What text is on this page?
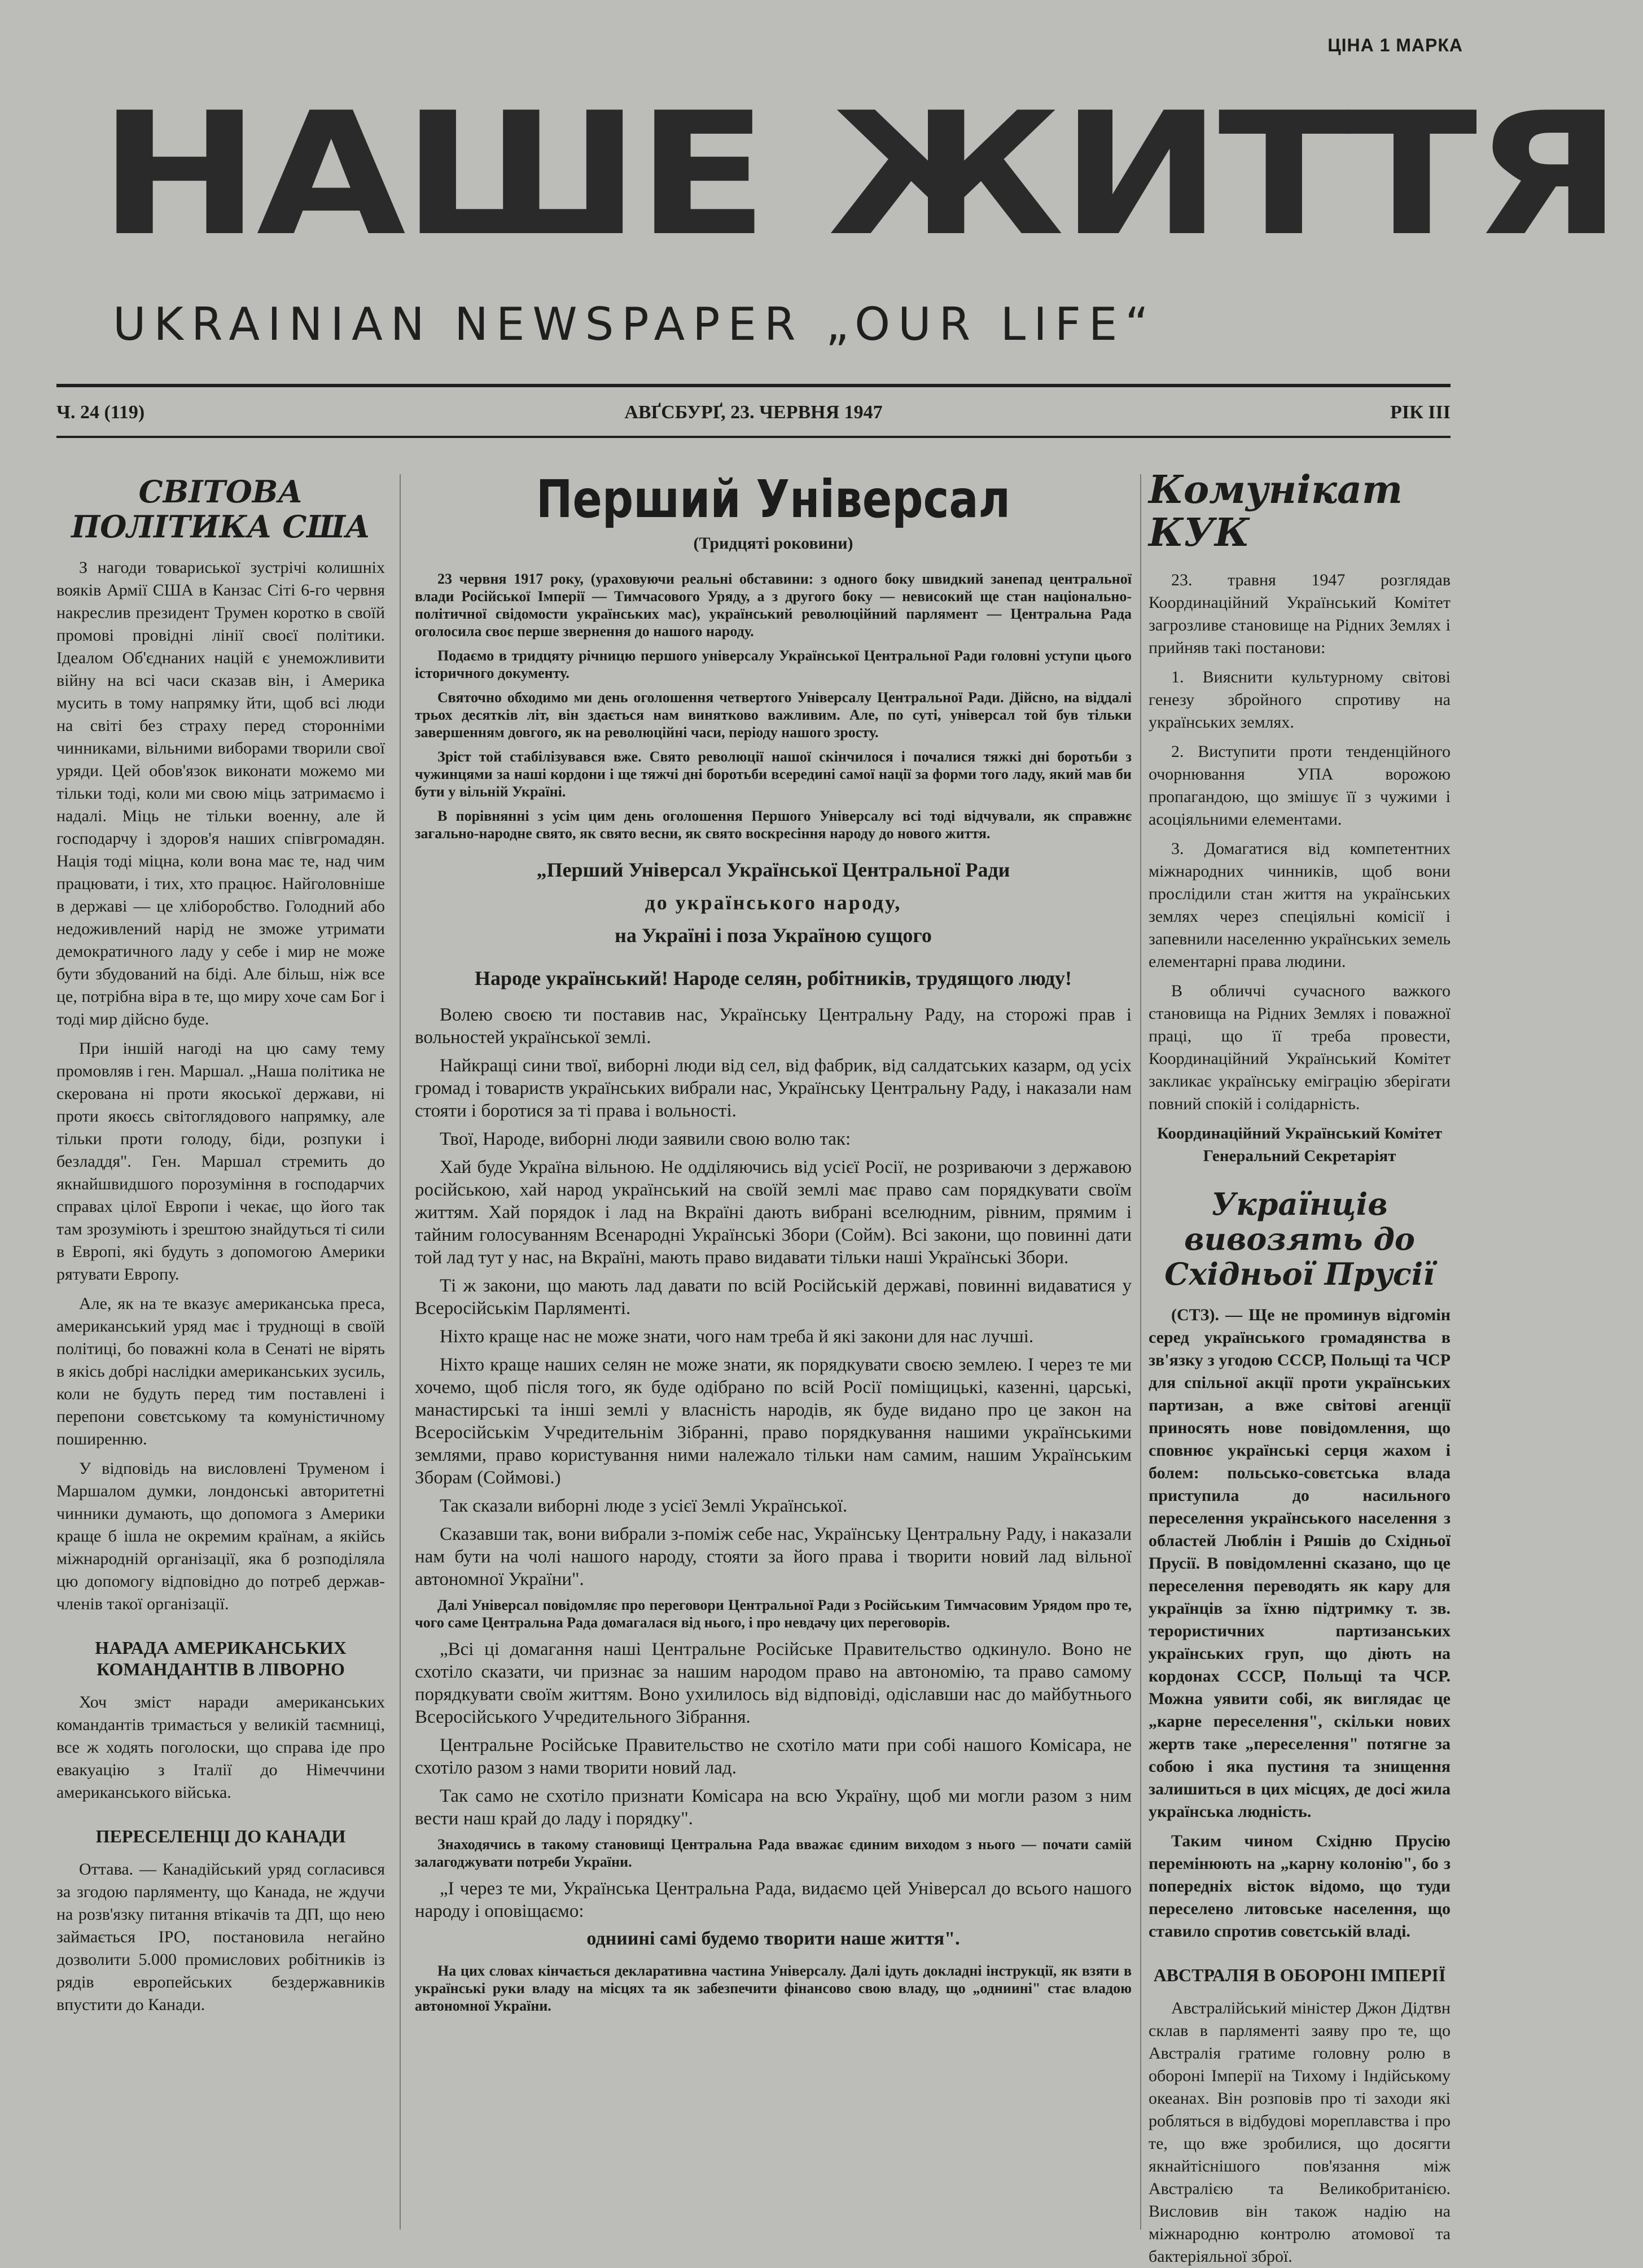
ЦІНА 1 МАРКА
НАШЕ ЖИТТЯ
UKRAINIAN NEWSPAPER „OUR LIFE“
Ч. 24 (119)	АВҐСБУРҐ, 23. ЧЕРВНЯ 1947	РІК III
СВІТОВА ПОЛІТИКА США

З нагоди товариської зустрічі колишніх вояків Армії США в Канзас Сіті 6-го червня накреслив президент Трумен коротко в своїй промові провідні лінії своєї політики. Ідеалом Об'єднаних націй є унеможливити війну на всі часи сказав він, і Америка мусить в тому напрямку йти, щоб всі люди на світі без страху перед сторонніми чинниками, вільними виборами творили свої уряди. Цей обов'язок виконати можемо ми тільки тоді, коли ми свою міць затримаємо і надалі. Міць не тільки военну, але й господарчу і здоров'я наших співгромадян. Нація тоді міцна, коли вона має те, над чим працювати, і тих, хто працює. Найголовніше в державі — це хліборобство. Голодний або недоживлений нарід не зможе утримати демократичного ладу у себе і мир не може бути збудований на біді. Але більш, ніж все це, потрібна віра в те, що миру хоче сам Бог і тоді мир дійсно буде.

При іншій нагоді на цю саму тему промовляв і ген. Маршал. „Наша політика не скерована ні проти якоської держави, ні проти якоєсь світоглядового напрямку, але тільки проти голоду, біди, розпуки і безладдя". Ген. Маршал стремить до якнайшвидшого порозуміння в господарчих справах цілої Европи і чекає, що його так там зрозуміють і зрештою знайдуться ті сили в Европі, які будуть з допомогою Америки рятувати Европу.

Але, як на те вказує американська преса, американський уряд має і труднощі в своїй політиці, бо поважні кола в Сенаті не вірять в якісь добрі наслідки американських зусиль, коли не будуть перед тим поставлені і перепони совєтському та комуністичному поширенню.

У відповідь на висловлені Труменом і Маршалом думки, лондонські авторитетні чинники думають, що допомога з Америки краще б ішла не окремим країнам, а якійсь міжнародній організації, яка б розподіляла цю допомогу відповідно до потреб держав-членів такої організації.

НАРАДА АМЕРИКАНСЬКИХ КОМАНДАНТІВ В ЛІВОРНО

Хоч зміст наради американських командантів тримається у великій таємниці, все ж ходять поголоски, що справа іде про евакуацію з Італії до Німеччини американського війська.

ПЕРЕСЕЛЕНЦІ ДО КАНАДИ

Оттава. — Канадійський уряд согласився за згодою парляменту, що Канада, не ждучи на розв'язку питання втікачів та ДП, що нею займається ІРО, постановила негайно дозволити 5.000 промислових робітників із рядів европейських бездержавників впустити до Канади.

Перший Універсал
(Тридцяті роковини)

23 червня 1917 року, (ураховуючи реальні обставини: з одного боку швидкий занепад центральної влади Російської Імперії — Тимчасового Уряду, а з другого боку — невисокий ще стан національно-політичної свідомости українських мас), український революційний парлямент — Центральна Рада оголосила своє перше звернення до нашого народу.

Подаємо в тридцяту річницю першого універсалу Української Центральної Ради головні уступи цього історичного документу.

Святочно обходимо ми день оголошення четвертого Універсалу Центральної Ради. Дійсно, на віддалі трьох десятків літ, він здається нам винятково важливим. Але, по суті, універсал той був тільки завершенням довгого, як на революційні часи, періоду нашого зросту.

Зріст той стабілізувався вже. Свято революції нашої скінчилося і почалися тяжкі дні боротьби з чужинцями за наші кордони і ще тяжчі дні боротьби всередині самої нації за форми того ладу, який мав би бути у вільній Україні.

В порівнянні з усім цим день оголошення Першого Універсалу всі тоді відчували, як справжнє загально-народне свято, як свято весни, як свято воскресіння народу до нового життя.

„Перший Універсал Української Центральної Ради
до українського народу,
на Україні і поза Україною сущого
Народе український! Народе селян, робітників, трудящого люду!

Волею своєю ти поставив нас, Українську Центральну Раду, на сторожі прав і вольностей української землі.

Найкращі сини твої, виборні люди від сел, від фабрик, від салдатських казарм, од усіх громад і товариств українських вибрали нас, Українську Центральну Раду, і наказали нам стояти і боротися за ті права і вольності.

Твої, Народе, виборні люди заявили свою волю так:

Хай буде Україна вільною. Не одділяючись від усієї Росії, не розриваючи з державою російською, хай народ український на своїй землі має право сам порядкувати своїм життям. Хай порядок і лад на Вкраїні дають вибрані вселюдним, рівним, прямим і тайним голосуванням Всенародні Українські Збори (Сойм). Всі закони, що повинні дати той лад тут у нас, на Вкраїні, мають право видавати тільки наші Українські Збори.

Ті ж закони, що мають лад давати по всій Російській державі, повинні видаватися у Всеросійськім Парляменті.

Ніхто краще нас не може знати, чого нам треба й які закони для нас лучші.

Ніхто краще наших селян не може знати, як порядкувати своєю землею. І через те ми хочемо, щоб після того, як буде одібрано по всій Росії поміщицькі, казенні, царські, манастирські та інші землі у власність народів, як буде видано про це закон на Всеросійськім Учредительнім Зібранні, право порядкування нашими українськими землями, право користування ними належало тільки нам самим, нашим Українським Зборам (Соймові.)

Так сказали виборні люде з усієї Землі Української.

Сказавши так, вони вибрали з-поміж себе нас, Українську Центральну Раду, і наказали нам бути на чолі нашого народу, стояти за його права і творити новий лад вільної автономної України".

Далі Універсал повідомляє про переговори Центральної Ради з Російським Тимчасовим Урядом про те, чого саме Центральна Рада домагалася від нього, і про невдачу цих переговорів.

„Всі ці домагання наші Центральне Російське Правительство одкинуло. Воно не схотіло сказати, чи признає за нашим народом право на автономію, та право самому порядкувати своїм життям. Воно ухилилось від відповіді, одіславши нас до майбутнього Всеросійського Учредительного Зібрання.

Центральне Російське Правительство не схотіло мати при собі нашого Комісара, не схотіло разом з нами творити новий лад.

Так само не схотіло признати Комісара на всю Україну, щоб ми могли разом з ним вести наш край до ладу і порядку".

Знаходячись в такому становищі Центральна Рада вважає єдиним виходом з нього — почати самій залагоджувати потреби України.

„І через те ми, Українська Центральна Рада, видаємо цей Універсал до всього нашого народу і оповіщаємо:

одниині самі будемо творити наше життя".

На цих словах кінчається декларативна частина Універсалу. Далі ідуть докладні інструкції, як взяти в українські руки владу на місцях та як забезпечити фінансово свою владу, що „одниині" стає владою автономної України.

Комунікат КУК

23. травня 1947 розглядав Координаційний Український Комітет загрозливе становище на Рідних Землях і прийняв такі постанови:

1. Вияснити культурному світові генезу збройного спротиву на українських землях.

2. Виступити проти тенденційного очорнювання УПА ворожою пропагандою, що змішує її з чужими і асоціяльними елементами.

3. Домагатися від компетентних міжнародних чинників, щоб вони прослідили стан життя на українських землях через спеціяльні комісії і запевнили населенню українських земель елементарні права людини.

В обличчі сучасного важкого становища на Рідних Землях і поважної праці, що її треба провести, Координаційний Український Комітет закликає українську еміграцію зберігати повний спокій і солідарність.

Координаційний Український Комітет
Генеральний Секретаріят
Українців вивозять до Східньої Прусії

(СТЗ). — Ще не проминув відгомін серед українського громадянства в зв'язку з угодою СССР, Польщі та ЧСР для спільної акції проти українських партизан, а вже світові агенції приносять нове повідомлення, що сповнює українські серця жахом і болем: польсько-совєтська влада приступила до насильного переселення українського населення з областей Люблін і Ряшів до Східньої Прусії. В повідомленні сказано, що це переселення переводять як кару для українців за їхню підтримку т. зв. терористичних партизанських українських груп, що діють на кордонах СССР, Польщі та ЧСР. Можна уявити собі, як виглядає це „карне переселення", скільки нових жертв таке „переселення" потягне за собою і яка пустиня та знищення залишиться в цих місцях, де досі жила українська людність.

Таким чином Східню Прусію перемінюють на „карну колонію", бо з попередніх вісток відомо, що туди переселено литовське населення, що ставило спротив совєтській владі.

АВСТРАЛІЯ В ОБОРОНІ ІМПЕРІЇ

Австралійський міністер Джон Дідтвн склав в парляменті заяву про те, що Австралія гратиме головну ролю в обороні Імперії на Тихому і Індійському океанах. Він розповів про ті заходи які робляться в відбудові мореплавства і про те, що вже зробилися, що досягти якнайтіснішого пов'язання між Австралією та Великобританією. Висловив він також надію на міжнародню контролю атомової та бактеріяльної зброї.
